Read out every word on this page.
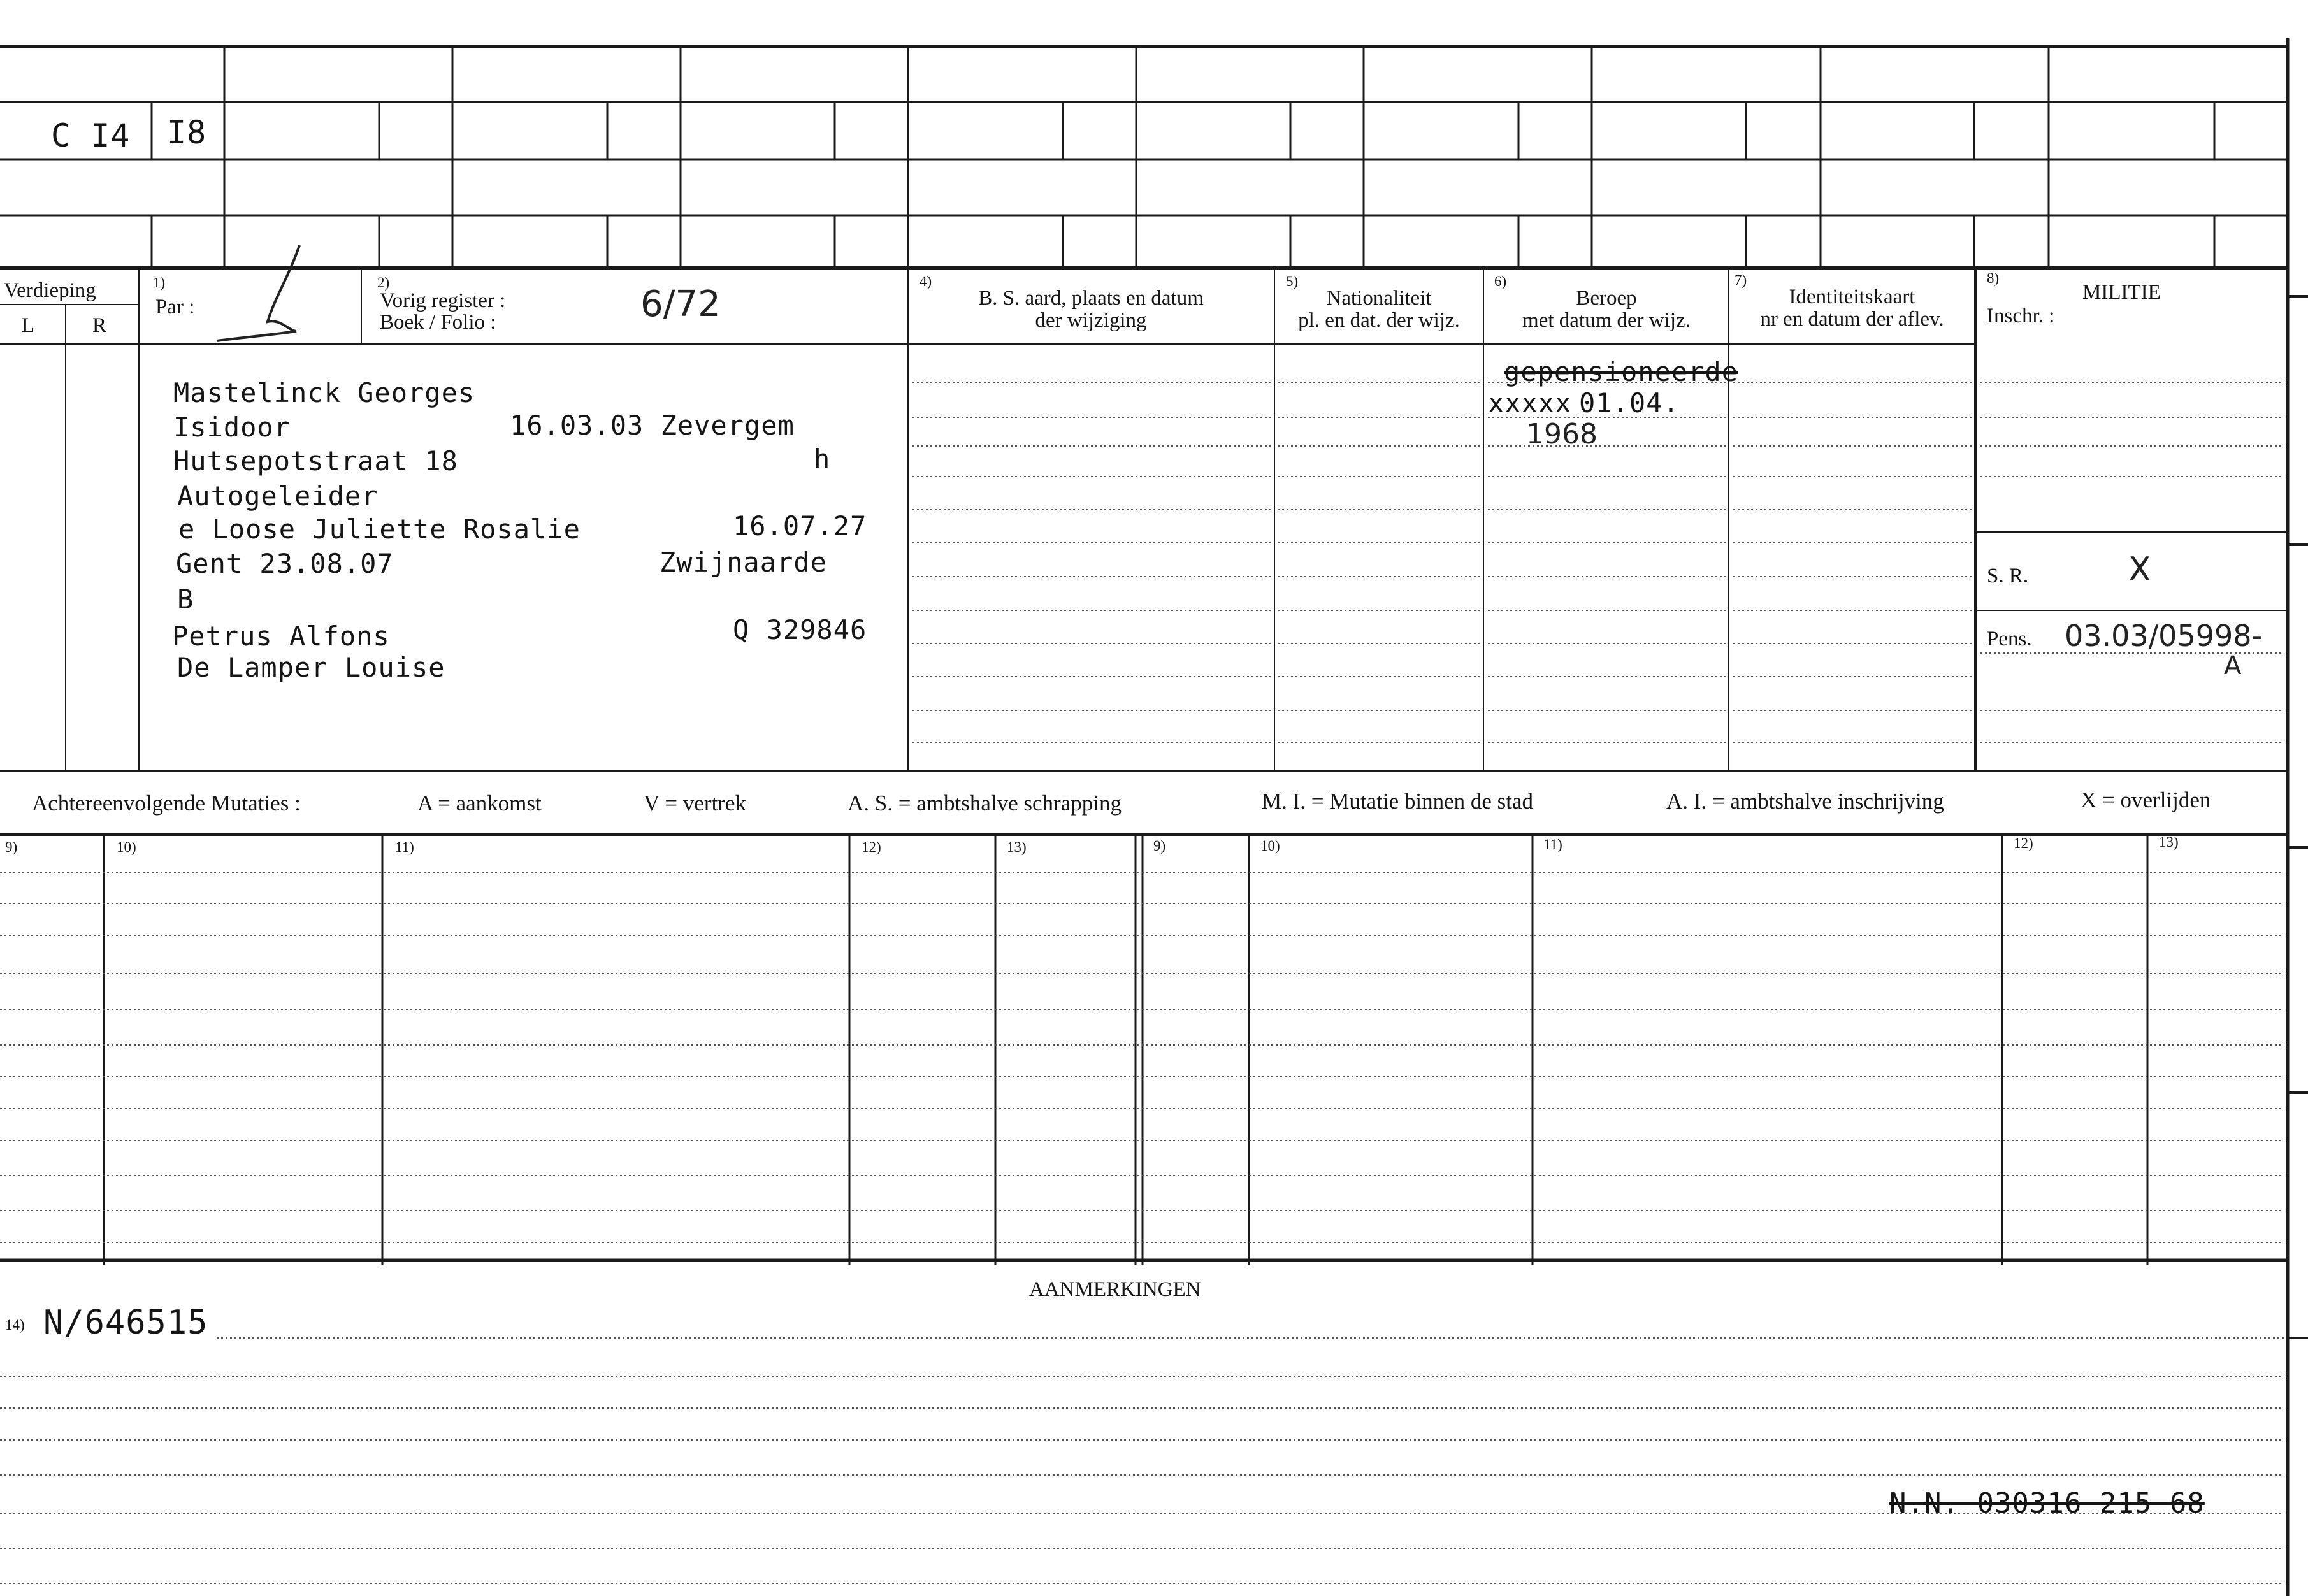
C I4 I8
Verdieping
L	R
1)
Par :
2)
Vorig register :
Boek / Folio :	6/72
4)
B. S. aard, plaats en datum
der wijziging
5)
Nationaliteit
pl. en dat. der wijz.
6)
Beroep
met datum der wijz.
7)
Identiteitskaart
nr en datum der aflev.
8)
MILITIE
Inschr. :
Mastelinck Georges
Isidoor	16.03.03 Zevergem
Hutsepotstraat 18	h
Autogeleider
e Loose Juliette Rosalie	16.07.27
Gent 23.08.07	Zwijnaarde
B
Petrus Alfons	Q 329846
De Lamper Louise
gepensioneerde
xxxxx 01.04.
1968
S. R.	X
Pens. 03.03/05998-
A
Achtereenvolgende Mutaties :	A = aankomst	V = vertrek	A. S. = ambtshalve schrapping	M. I. = Mutatie binnen de stad	A. I. = ambtshalve inschrijving	X = overlijden
9)	10)	11)	12)	13)	9)	10)	11)	12)	13)
AANMERKINGEN
14) N/646515
N.N. 030316 215 68
